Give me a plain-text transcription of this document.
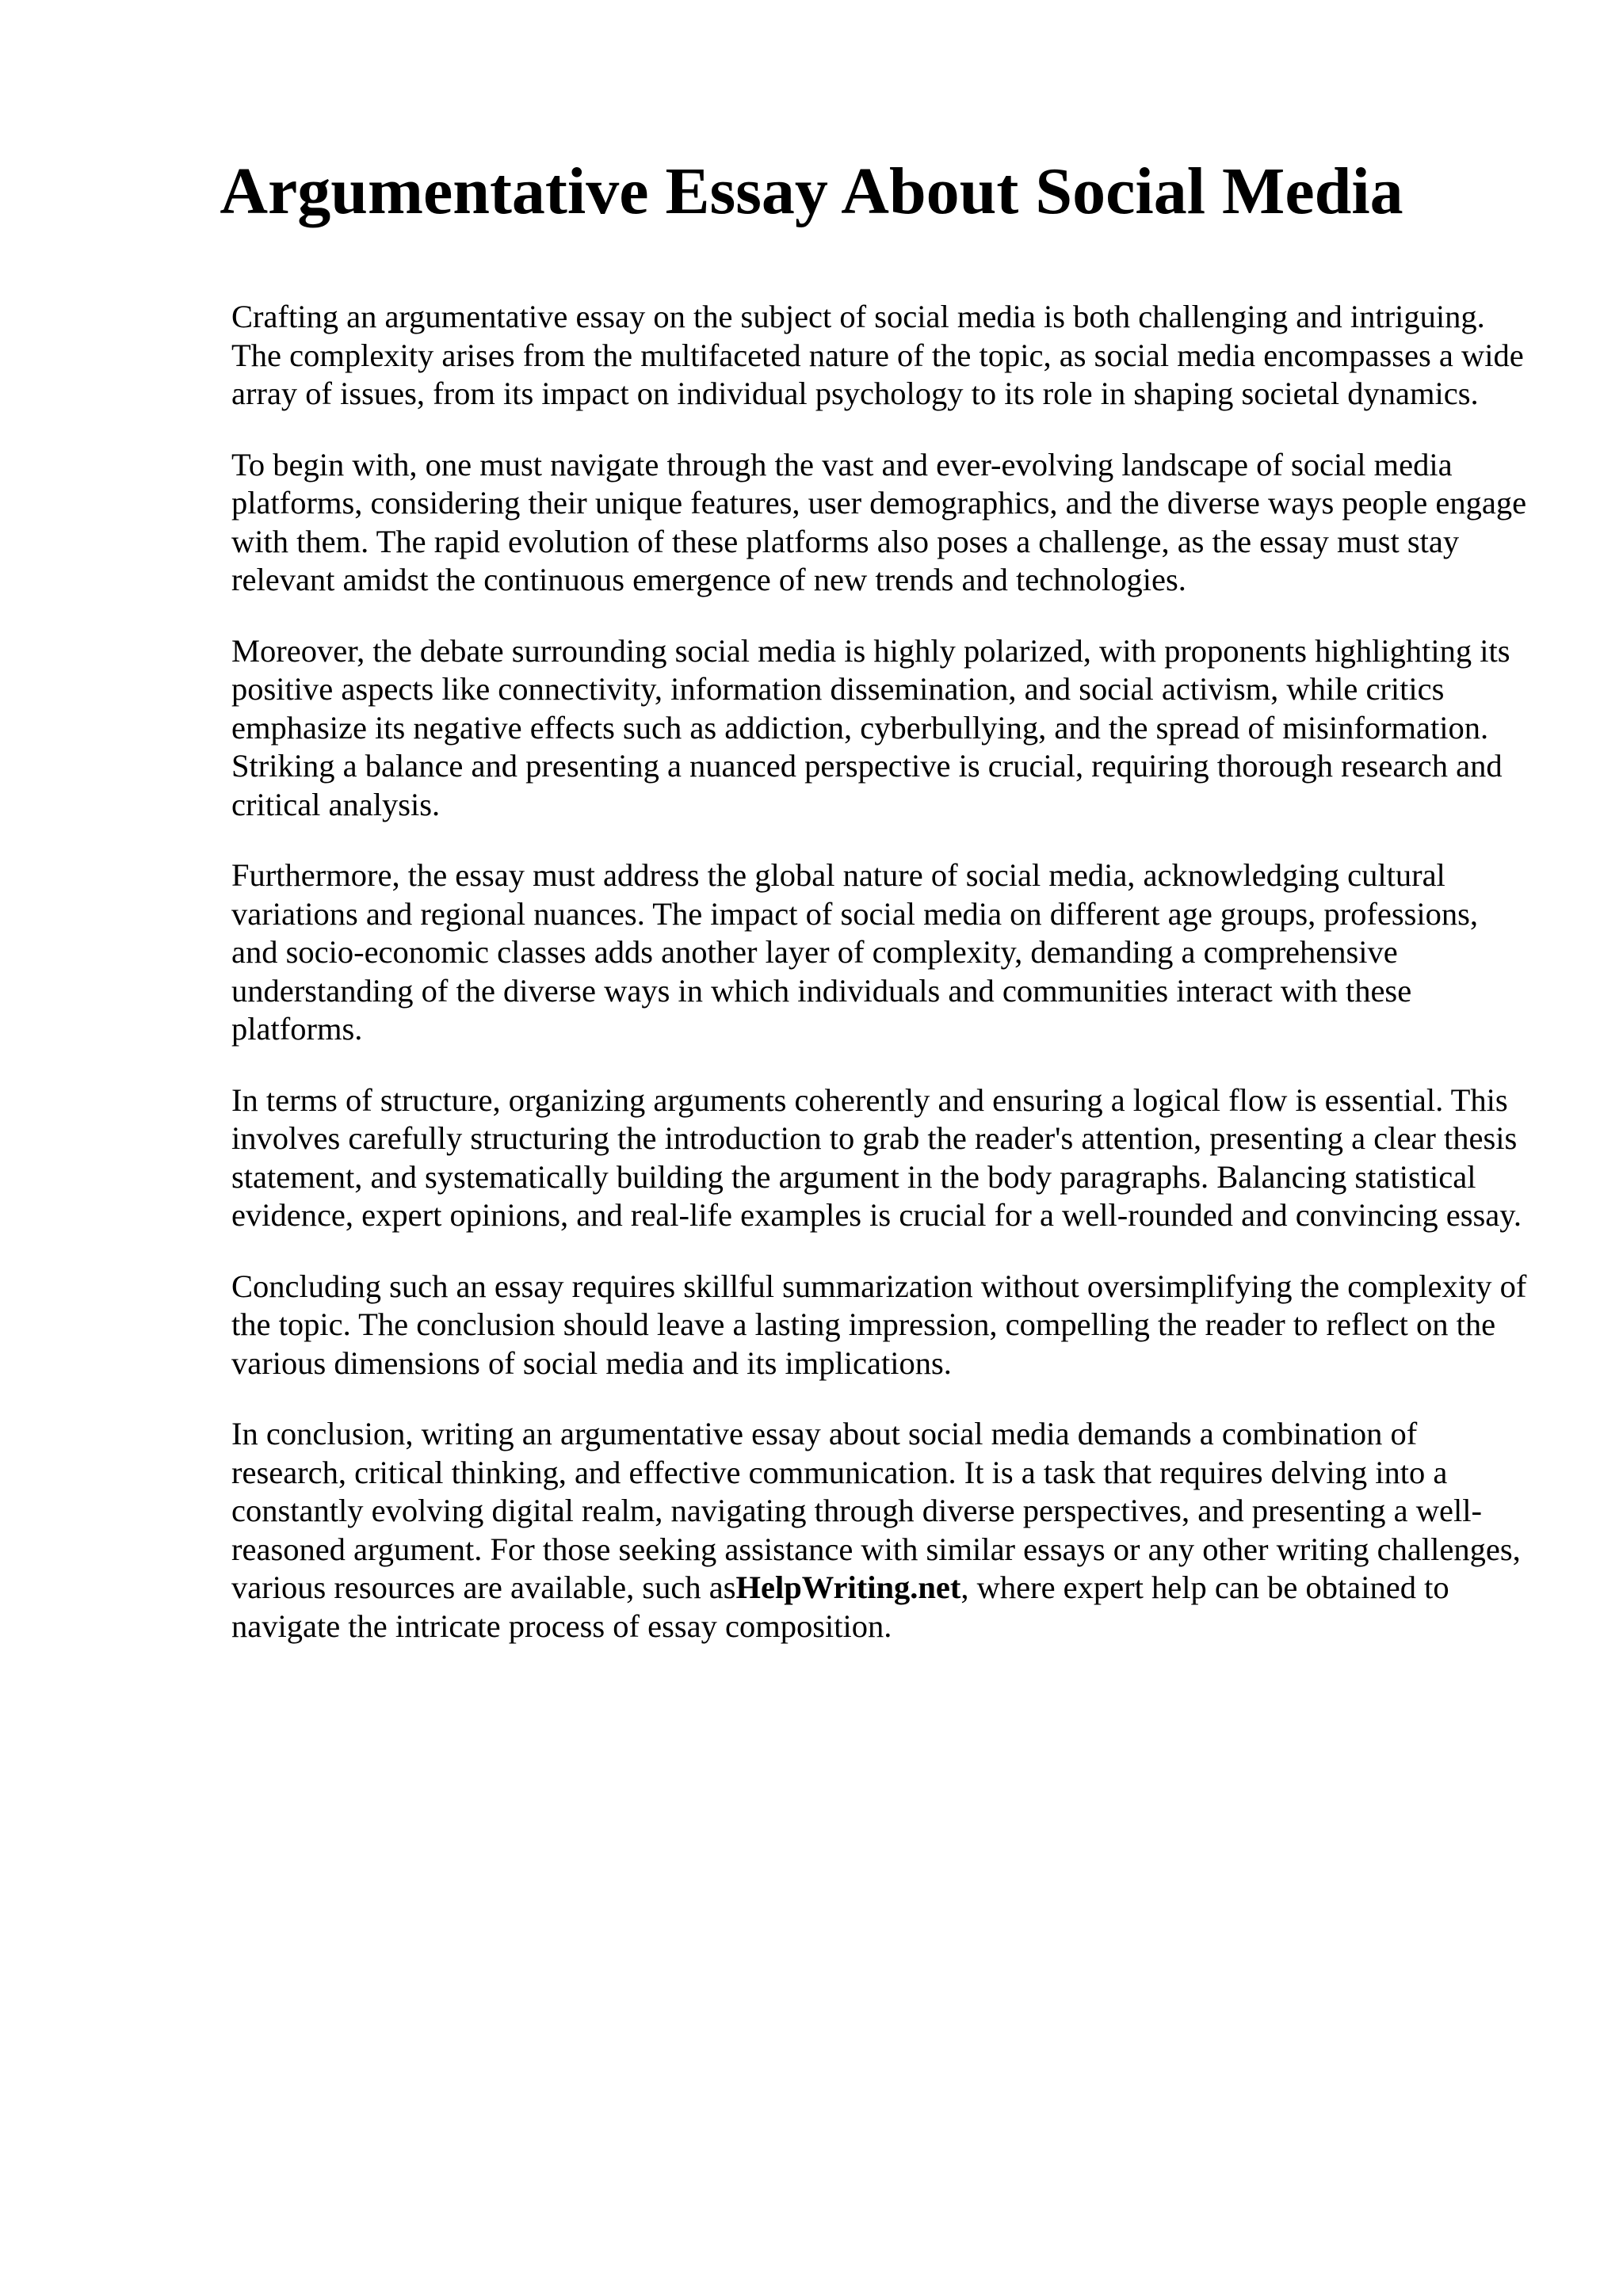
Argumentative Essay About Social Media

Crafting an argumentative essay on the subject of social media is both challenging and intriguing. The complexity arises from the multifaceted nature of the topic, as social media encompasses a wide array of issues, from its impact on individual psychology to its role in shaping societal dynamics.

To begin with, one must navigate through the vast and ever-evolving landscape of social media platforms, considering their unique features, user demographics, and the diverse ways people engage with them. The rapid evolution of these platforms also poses a challenge, as the essay must stay relevant amidst the continuous emergence of new trends and technologies.

Moreover, the debate surrounding social media is highly polarized, with proponents highlighting its positive aspects like connectivity, information dissemination, and social activism, while critics emphasize its negative effects such as addiction, cyberbullying, and the spread of misinformation. Striking a balance and presenting a nuanced perspective is crucial, requiring thorough research and critical analysis.

Furthermore, the essay must address the global nature of social media, acknowledging cultural variations and regional nuances. The impact of social media on different age groups, professions, and socio-economic classes adds another layer of complexity, demanding a comprehensive understanding of the diverse ways in which individuals and communities interact with these platforms.

In terms of structure, organizing arguments coherently and ensuring a logical flow is essential. This involves carefully structuring the introduction to grab the reader's attention, presenting a clear thesis statement, and systematically building the argument in the body paragraphs. Balancing statistical evidence, expert opinions, and real-life examples is crucial for a well-rounded and convincing essay.

Concluding such an essay requires skillful summarization without oversimplifying the complexity of the topic. The conclusion should leave a lasting impression, compelling the reader to reflect on the various dimensions of social media and its implications.

In conclusion, writing an argumentative essay about social media demands a combination of research, critical thinking, and effective communication. It is a task that requires delving into a constantly evolving digital realm, navigating through diverse perspectives, and presenting a well-reasoned argument. For those seeking assistance with similar essays or any other writing challenges, various resources are available, such asHelpWriting.net, where expert help can be obtained to navigate the intricate process of essay composition.
